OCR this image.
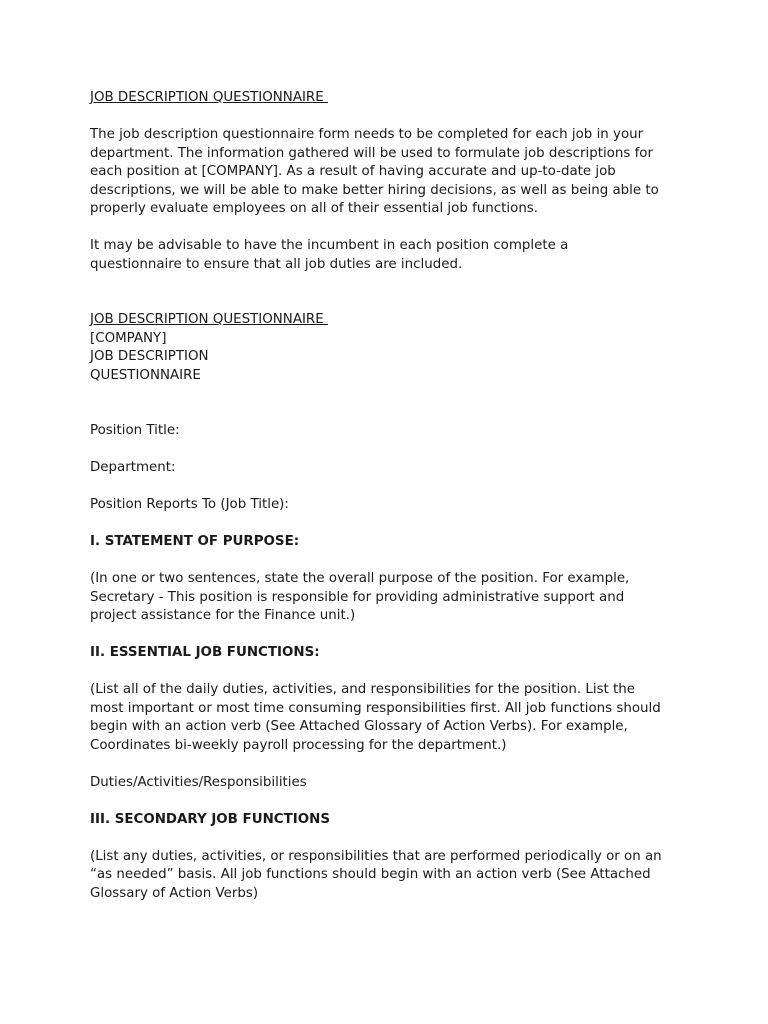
JOB DESCRIPTION QUESTIONNAIRE

The job description questionnaire form needs to be completed for each job in your department. The information gathered will be used to formulate job descriptions for each position at [COMPANY]. As a result of having accurate and up-to-date job descriptions, we will be able to make better hiring decisions, as well as being able to properly evaluate employees on all of their essential job functions.

It may be advisable to have the incumbent in each position complete a questionnaire to ensure that all job duties are included.

JOB DESCRIPTION QUESTIONNAIRE

[COMPANY]

JOB DESCRIPTION

QUESTIONNAIRE

Position Title:

Department:

Position Reports To (Job Title):

I. STATEMENT OF PURPOSE:

(In one or two sentences, state the overall purpose of the position. For example, Secretary - This position is responsible for providing administrative support and project assistance for the Finance unit.)

II. ESSENTIAL JOB FUNCTIONS:

(List all of the daily duties, activities, and responsibilities for the position. List the most important or most time consuming responsibilities first. All job functions should begin with an action verb (See Attached Glossary of Action Verbs). For example, Coordinates bi-weekly payroll processing for the department.)

Duties/Activities/Responsibilities

III. SECONDARY JOB FUNCTIONS

(List any duties, activities, or responsibilities that are performed periodically or on an “as needed” basis. All job functions should begin with an action verb (See Attached Glossary of Action Verbs)
